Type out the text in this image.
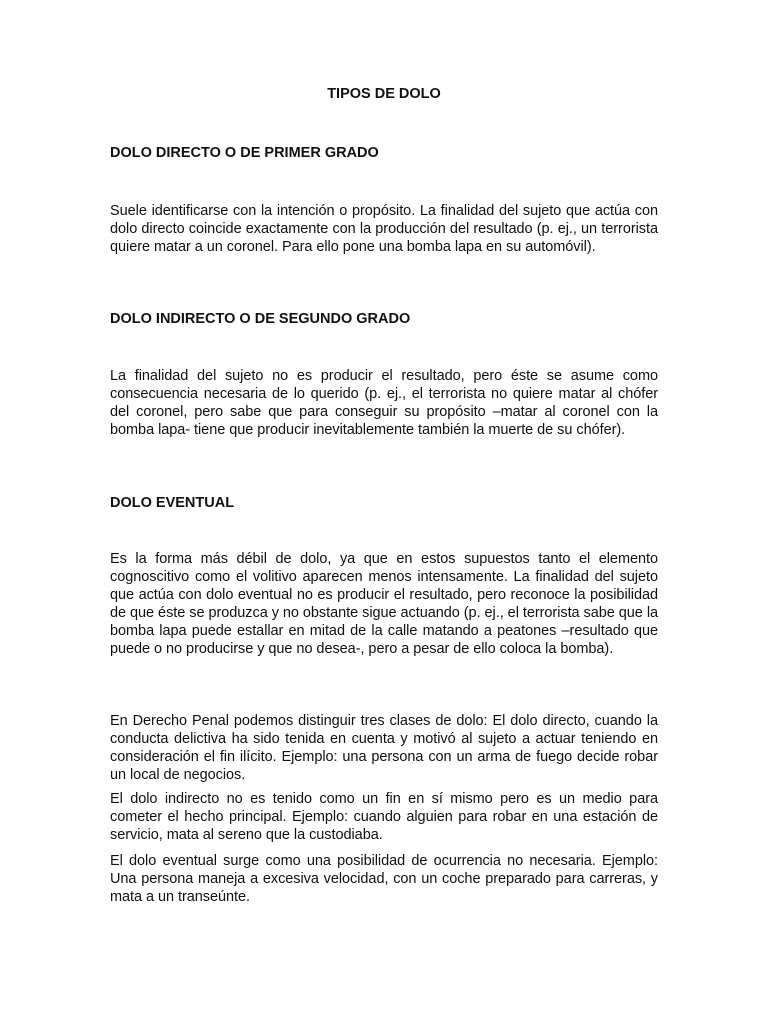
TIPOS DE DOLO
DOLO DIRECTO O DE PRIMER GRADO

Suele identificarse con la intención o propósito. La finalidad del sujeto que actúa con dolo directo coincide exactamente con la producción del resultado (p. ej., un terrorista quiere matar a un coronel. Para ello pone una bomba lapa en su automóvil).

DOLO INDIRECTO O DE SEGUNDO GRADO

La finalidad del sujeto no es producir el resultado, pero éste se asume como consecuencia necesaria de lo querido (p. ej., el terrorista no quiere matar al chófer del coronel, pero sabe que para conseguir su propósito –matar al coronel con la bomba lapa- tiene que producir inevitablemente también la muerte de su chófer).

DOLO EVENTUAL

Es la forma más débil de dolo, ya que en estos supuestos tanto el elemento cognoscitivo como el volitivo aparecen menos intensamente. La finalidad del sujeto que actúa con dolo eventual no es producir el resultado, pero reconoce la posibilidad de que éste se produzca y no obstante sigue actuando (p. ej., el terrorista sabe que la bomba lapa puede estallar en mitad de la calle matando a peatones –resultado que puede o no producirse y que no desea-, pero a pesar de ello coloca la bomba).

En Derecho Penal podemos distinguir tres clases de dolo: El dolo directo, cuando la conducta delictiva ha sido tenida en cuenta y motivó al sujeto a actuar teniendo en consideración el fin ilícito. Ejemplo: una persona con un arma de fuego decide robar un local de negocios.

El dolo indirecto no es tenido como un fin en sí mismo pero es un medio para cometer el hecho principal. Ejemplo: cuando alguien para robar en una estación de servicio, mata al sereno que la custodiaba.

El dolo eventual surge como una posibilidad de ocurrencia no necesaria. Ejemplo: Una persona maneja a excesiva velocidad, con un coche preparado para carreras, y mata a un transeúnte.
